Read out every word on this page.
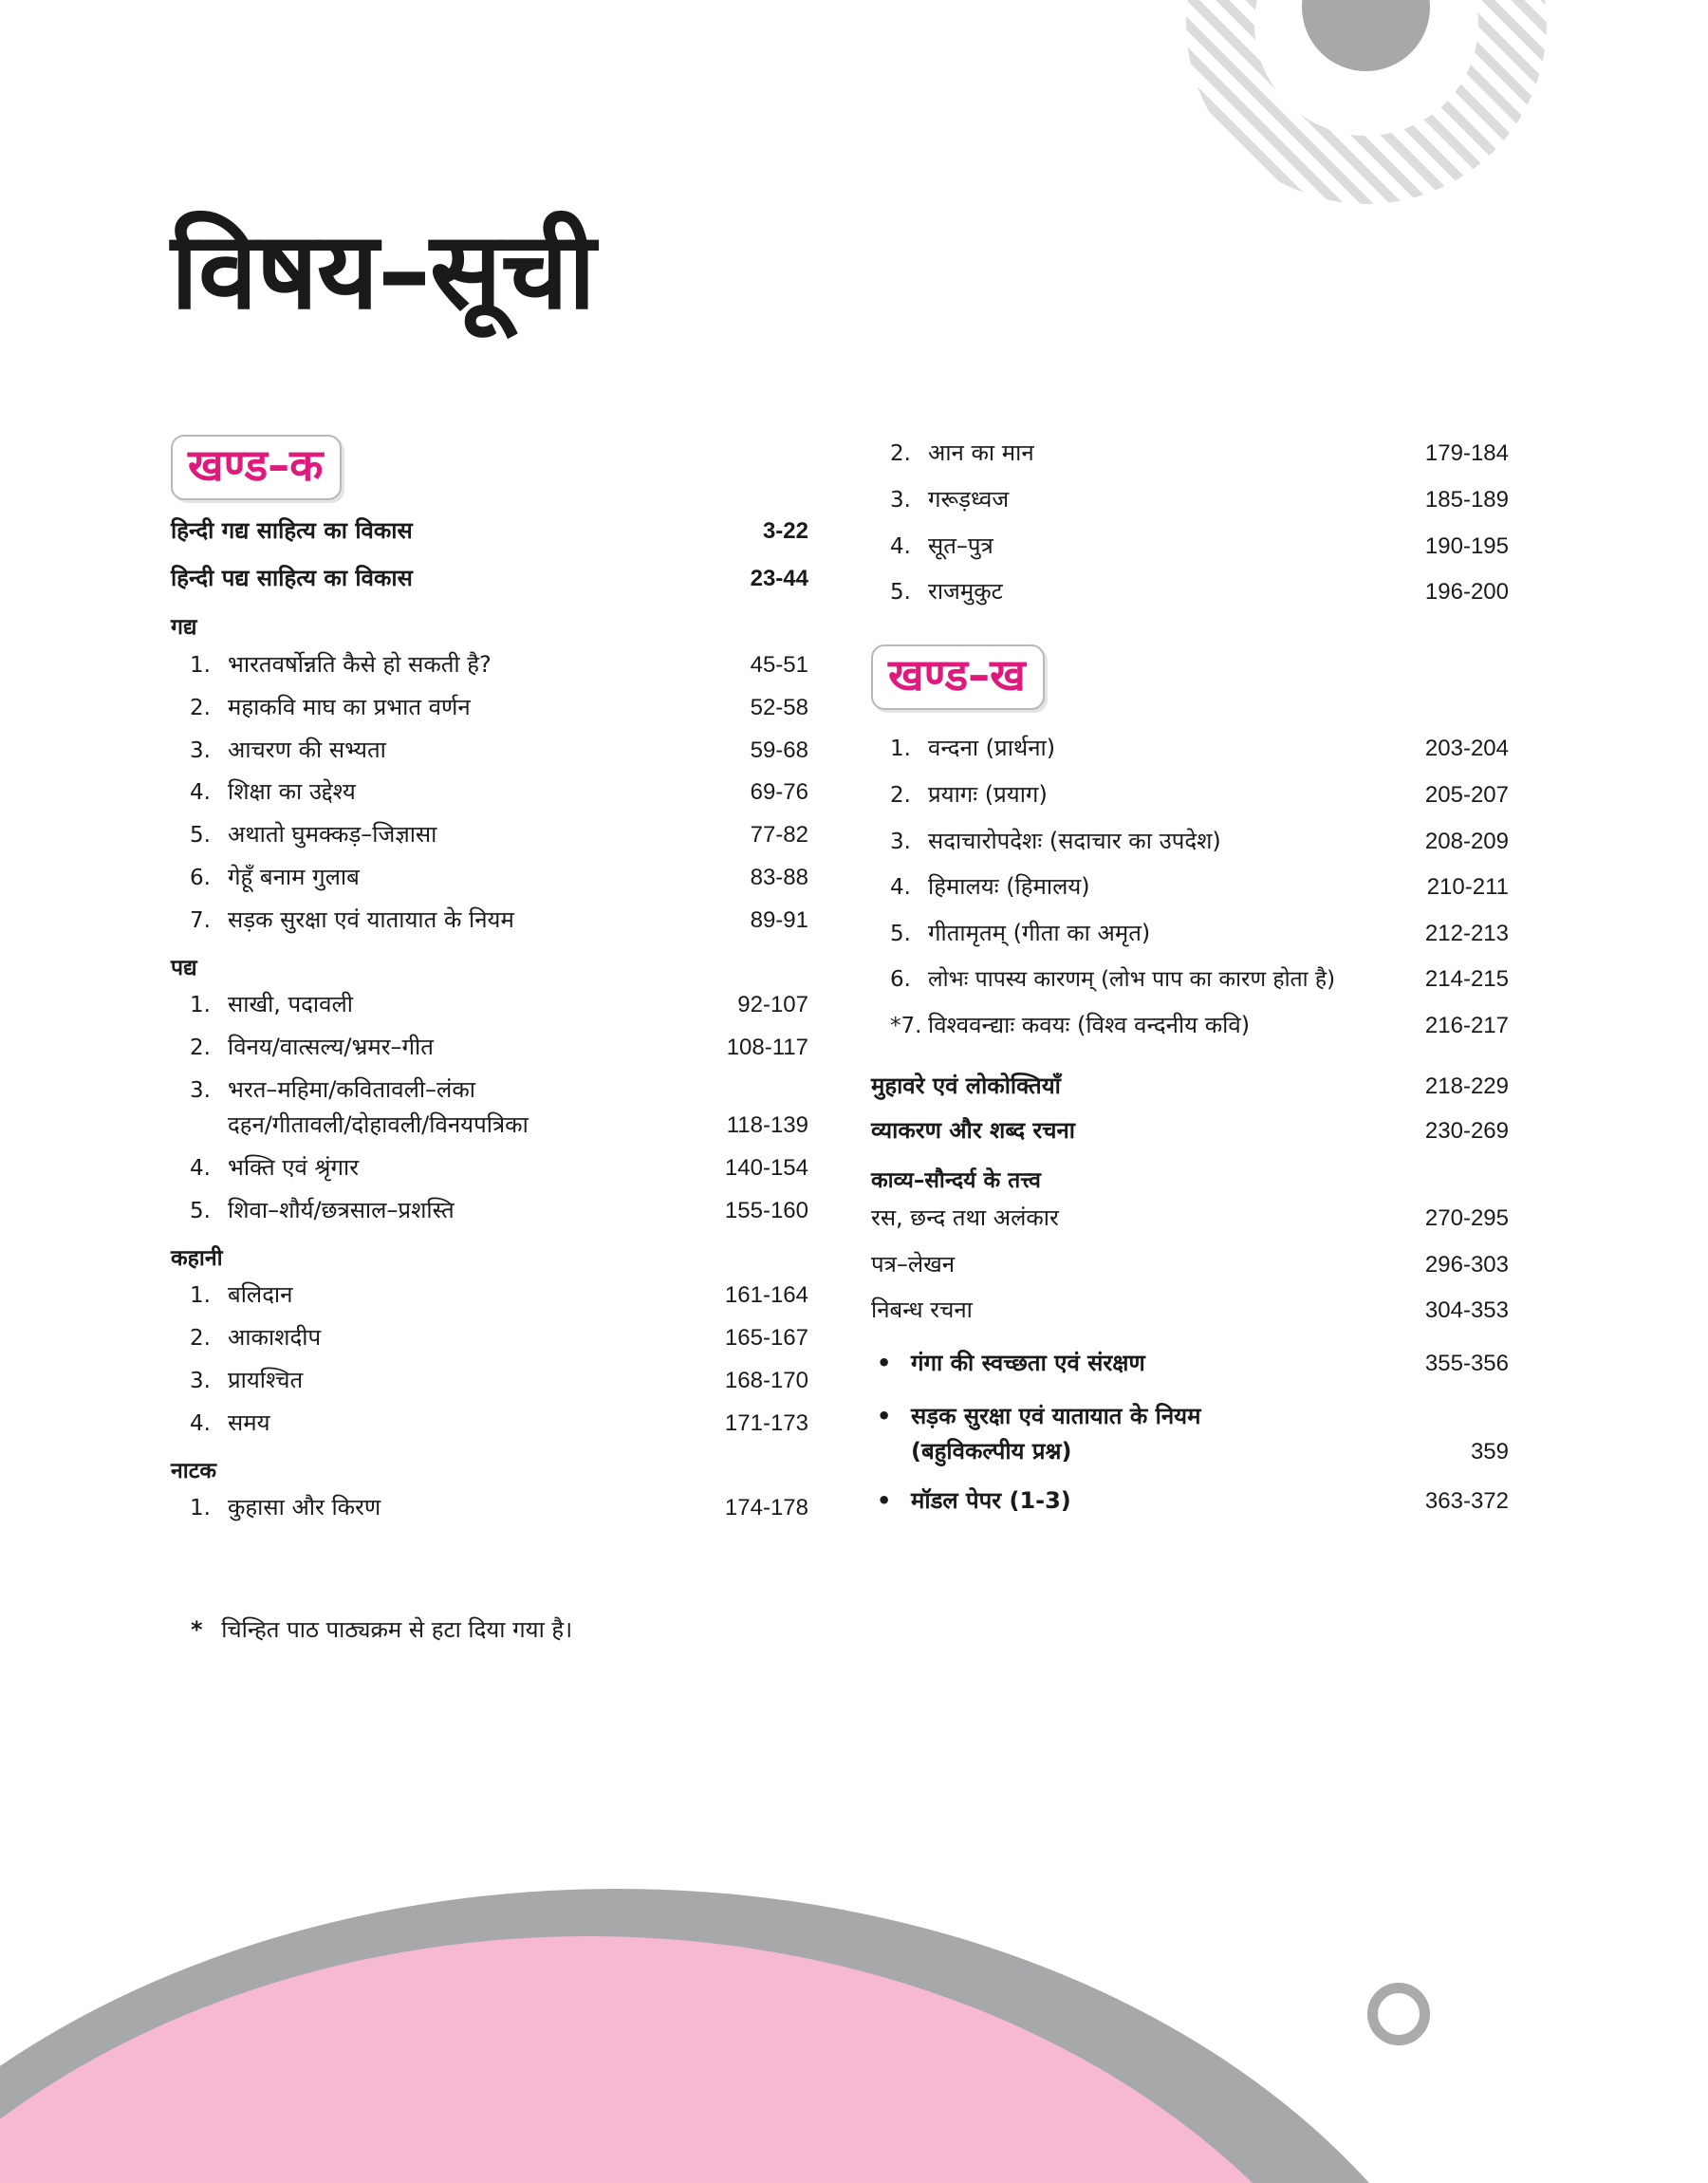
विषय–सूची
खण्ड–क
हिन्दी गद्य साहित्य का विकास	3-22
हिन्दी पद्य साहित्य का विकास	23-44
गद्य
1. भारतवर्षोन्नति कैसे हो सकती है?	45-51
2. महाकवि माघ का प्रभात वर्णन	52-58
3. आचरण की सभ्यता	59-68
4. शिक्षा का उद्देश्य	69-76
5. अथातो घुमक्कड़–जिज्ञासा	77-82
6. गेहूँ बनाम गुलाब	83-88
7. सड़क सुरक्षा एवं यातायात के नियम	89-91
पद्य
1. साखी, पदावली	92-107
2. विनय/वात्सल्य/भ्रमर–गीत	108-117
3. भरत–महिमा/कवितावली–लंका
दहन/गीतावली/दोहावली/विनयपत्रिका	118-139
4. भक्ति एवं श्रृंगार	140-154
5. शिवा–शौर्य/छत्रसाल–प्रशस्ति	155-160
कहानी
1. बलिदान	161-164
2. आकाशदीप	165-167
3. प्रायश्चित	168-170
4. समय	171-173
नाटक
1. कुहासा और किरण	174-178
2. आन का मान	179-184
3. गरूड़ध्वज	185-189
4. सूत–पुत्र	190-195
5. राजमुकुट	196-200
खण्ड–ख
1. वन्दना (प्रार्थना)	203-204
2. प्रयागः (प्रयाग)	205-207
3. सदाचारोपदेशः (सदाचार का उपदेश)	208-209
4. हिमालयः (हिमालय)	210-211
5. गीतामृतम् (गीता का अमृत)	212-213
6. लोभः पापस्य कारणम् (लोभ पाप का कारण होता है)	214-215
*7. विश्ववन्द्याः कवयः (विश्व वन्दनीय कवि)	216-217
मुहावरे एवं लोकोक्तियाँ	218-229
व्याकरण और शब्द रचना	230-269
काव्य–सौन्दर्य के तत्त्व
रस, छन्द तथा अलंकार	270-295
पत्र–लेखन	296-303
निबन्ध रचना	304-353
• गंगा की स्वच्छता एवं संरक्षण	355-356
• सड़क सुरक्षा एवं यातायात के नियम
(बहुविकल्पीय प्रश्न)	359
• मॉडल पेपर (1-3)	363-372
* चिन्हित पाठ पाठ्यक्रम से हटा दिया गया है।
